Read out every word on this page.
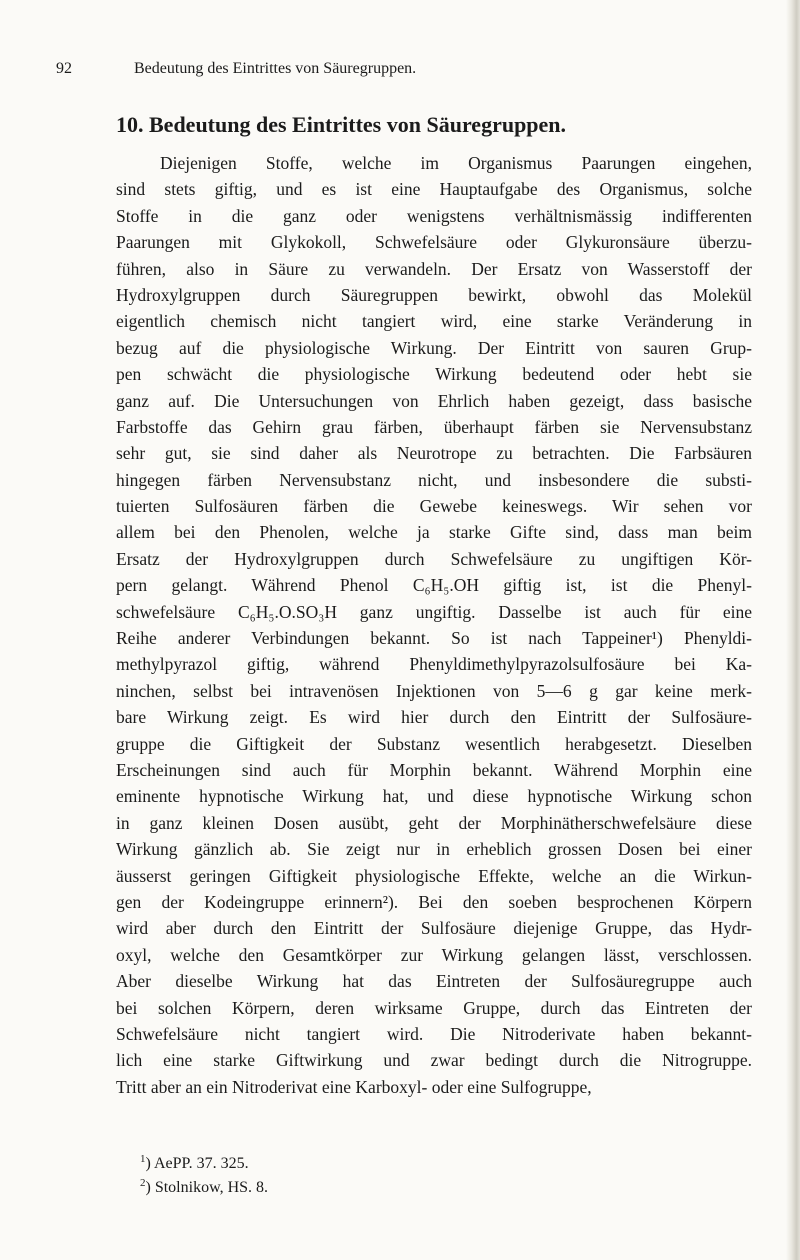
92	Bedeutung des Eintrittes von Säuregruppen.
10. Bedeutung des Eintrittes von Säuregruppen.
Diejenigen Stoffe, welche im Organismus Paarungen eingehen,
sind stets giftig, und es ist eine Hauptaufgabe des Organismus, solche
Stoffe in die ganz oder wenigstens verhältnismässig indifferenten
Paarungen mit Glykokoll, Schwefelsäure oder Glykuronsäure überzu-
führen, also in Säure zu verwandeln. Der Ersatz von Wasserstoff der
Hydroxylgruppen durch Säuregruppen bewirkt, obwohl das Molekül
eigentlich chemisch nicht tangiert wird, eine starke Veränderung in
bezug auf die physiologische Wirkung. Der Eintritt von sauren Grup-
pen schwächt die physiologische Wirkung bedeutend oder hebt sie
ganz auf. Die Untersuchungen von Ehrlich haben gezeigt, dass basische
Farbstoffe das Gehirn grau färben, überhaupt färben sie Nervensubstanz
sehr gut, sie sind daher als Neurotrope zu betrachten. Die Farbsäuren
hingegen färben Nervensubstanz nicht, und insbesondere die substi-
tuierten Sulfosäuren färben die Gewebe keineswegs. Wir sehen vor
allem bei den Phenolen, welche ja starke Gifte sind, dass man beim
Ersatz der Hydroxylgruppen durch Schwefelsäure zu ungiftigen Kör-
pern gelangt. Während Phenol C₆H₅.OH giftig ist, ist die Phenyl-
schwefelsäure C₆H₅.O.SO₃H ganz ungiftig. Dasselbe ist auch für eine
Reihe anderer Verbindungen bekannt. So ist nach Tappeiner¹) Phenyldi-
methylpyrazol giftig, während Phenyldimethylpyrazolsulfosäure bei Ka-
ninchen, selbst bei intravenösen Injektionen von 5—6 g gar keine merk-
bare Wirkung zeigt. Es wird hier durch den Eintritt der Sulfosäure-
gruppe die Giftigkeit der Substanz wesentlich herabgesetzt. Dieselben
Erscheinungen sind auch für Morphin bekannt. Während Morphin eine
eminente hypnotische Wirkung hat, und diese hypnotische Wirkung schon
in ganz kleinen Dosen ausübt, geht der Morphinätherschwefelsäure diese
Wirkung gänzlich ab. Sie zeigt nur in erheblich grossen Dosen bei einer
äusserst geringen Giftigkeit physiologische Effekte, welche an die Wirkun-
gen der Kodeingruppe erinnern²). Bei den soeben besprochenen Körpern
wird aber durch den Eintritt der Sulfosäure diejenige Gruppe, das Hydr-
oxyl, welche den Gesamtkörper zur Wirkung gelangen lässt, verschlossen.
Aber dieselbe Wirkung hat das Eintreten der Sulfosäuregruppe auch
bei solchen Körpern, deren wirksame Gruppe, durch das Eintreten der
Schwefelsäure nicht tangiert wird. Die Nitroderivate haben bekannt-
lich eine starke Giftwirkung und zwar bedingt durch die Nitrogruppe.
Tritt aber an ein Nitroderivat eine Karboxyl- oder eine Sulfogruppe,
$^1$) AePP. 37. 325.
$^2$) Stolnikow, HS. 8.
